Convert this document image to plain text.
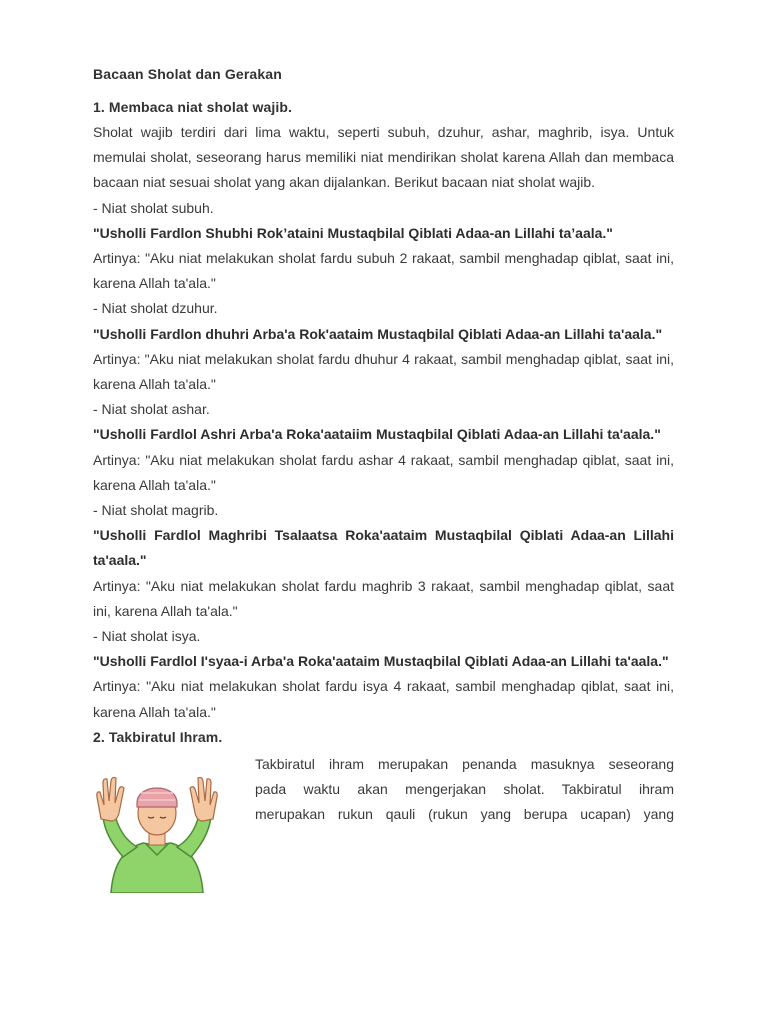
Bacaan Sholat dan Gerakan

1. Membaca niat sholat wajib.

Sholat wajib terdiri dari lima waktu, seperti subuh, dzuhur, ashar, maghrib, isya. Untuk memulai sholat, seseorang harus memiliki niat mendirikan sholat karena Allah dan membaca bacaan niat sesuai sholat yang akan dijalankan. Berikut bacaan niat sholat wajib.

- Niat sholat subuh.

"Usholli Fardlon Shubhi Rok’ataini Mustaqbilal Qiblati Adaa-an Lillahi ta’aala."

Artinya: "Aku niat melakukan sholat fardu subuh 2 rakaat, sambil menghadap qiblat, saat ini, karena Allah ta'ala."

- Niat sholat dzuhur.

"Usholli Fardlon dhuhri Arba'a Rok'aataim Mustaqbilal Qiblati Adaa-an Lillahi ta'aala."

Artinya: "Aku niat melakukan sholat fardu dhuhur 4 rakaat, sambil menghadap qiblat, saat ini, karena Allah ta'ala."

- Niat sholat ashar.

"Usholli Fardlol Ashri Arba'a Roka'aataiim Mustaqbilal Qiblati Adaa-an Lillahi ta'aala."

Artinya: "Aku niat melakukan sholat fardu ashar 4 rakaat, sambil menghadap qiblat, saat ini, karena Allah ta'ala."

- Niat sholat magrib.

"Usholli Fardlol Maghribi Tsalaatsa Roka'aataim Mustaqbilal Qiblati Adaa-an Lillahi ta'aala."

Artinya: "Aku niat melakukan sholat fardu maghrib 3 rakaat, sambil menghadap qiblat, saat ini, karena Allah ta'ala."

- Niat sholat isya.

"Usholli Fardlol I'syaa-i Arba'a Roka'aataim Mustaqbilal Qiblati Adaa-an Lillahi ta'aala."

Artinya: "Aku niat melakukan sholat fardu isya 4 rakaat, sambil menghadap qiblat, saat ini, karena Allah ta'ala."

2. Takbiratul Ihram.

Takbiratul ihram merupakan penanda masuknya seseorang
pada waktu akan mengerjakan sholat. Takbiratul ihram
merupakan rukun qauli (rukun yang berupa ucapan) yang
